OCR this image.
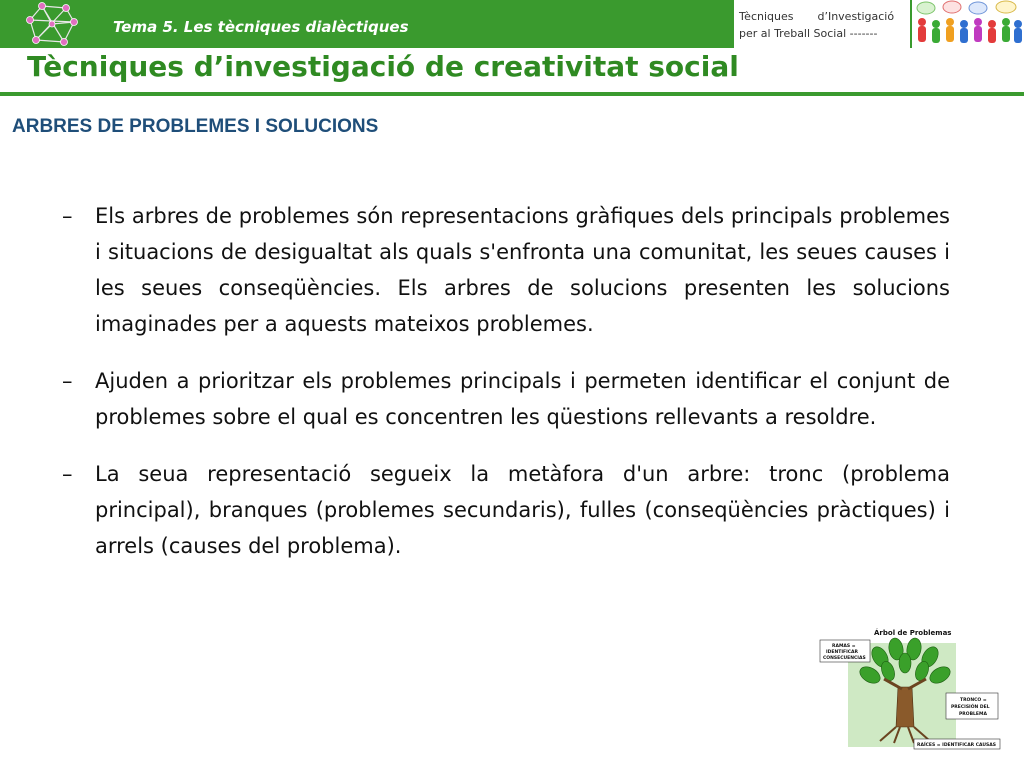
Tema 5. Les tècniques dialèctiques
Tècniques d’Investigació
per al Treball Social -------
Tècniques d’investigació de creativitat social
ARBRES DE PROBLEMES I SOLUCIONS
– Els arbres de problemes són representacions gràfiques dels principals problemes i situacions de desigualtat als quals s'enfronta una comunitat, les seues causes i les seues conseqüències. Els arbres de solucions presenten les solucions imaginades per a aquests mateixos problemes.
– Ajuden a prioritzar els problemes principals i permeten identificar el conjunt de problemes sobre el qual es concentren les qüestions rellevants a resoldre.
– La seua representació segueix la metàfora d'un arbre: tronc (problema principal), branques (problemes secundaris), fulles (conseqüències pràctiques) i arrels (causes del problema).
Árbol de Problemas
RAMAS =
IDENTIFICAR
CONSECUENCIAS
TRONCO =
PRECISIÓN DEL
PROBLEMA
RAÍCES = IDENTIFICAR CAUSAS
